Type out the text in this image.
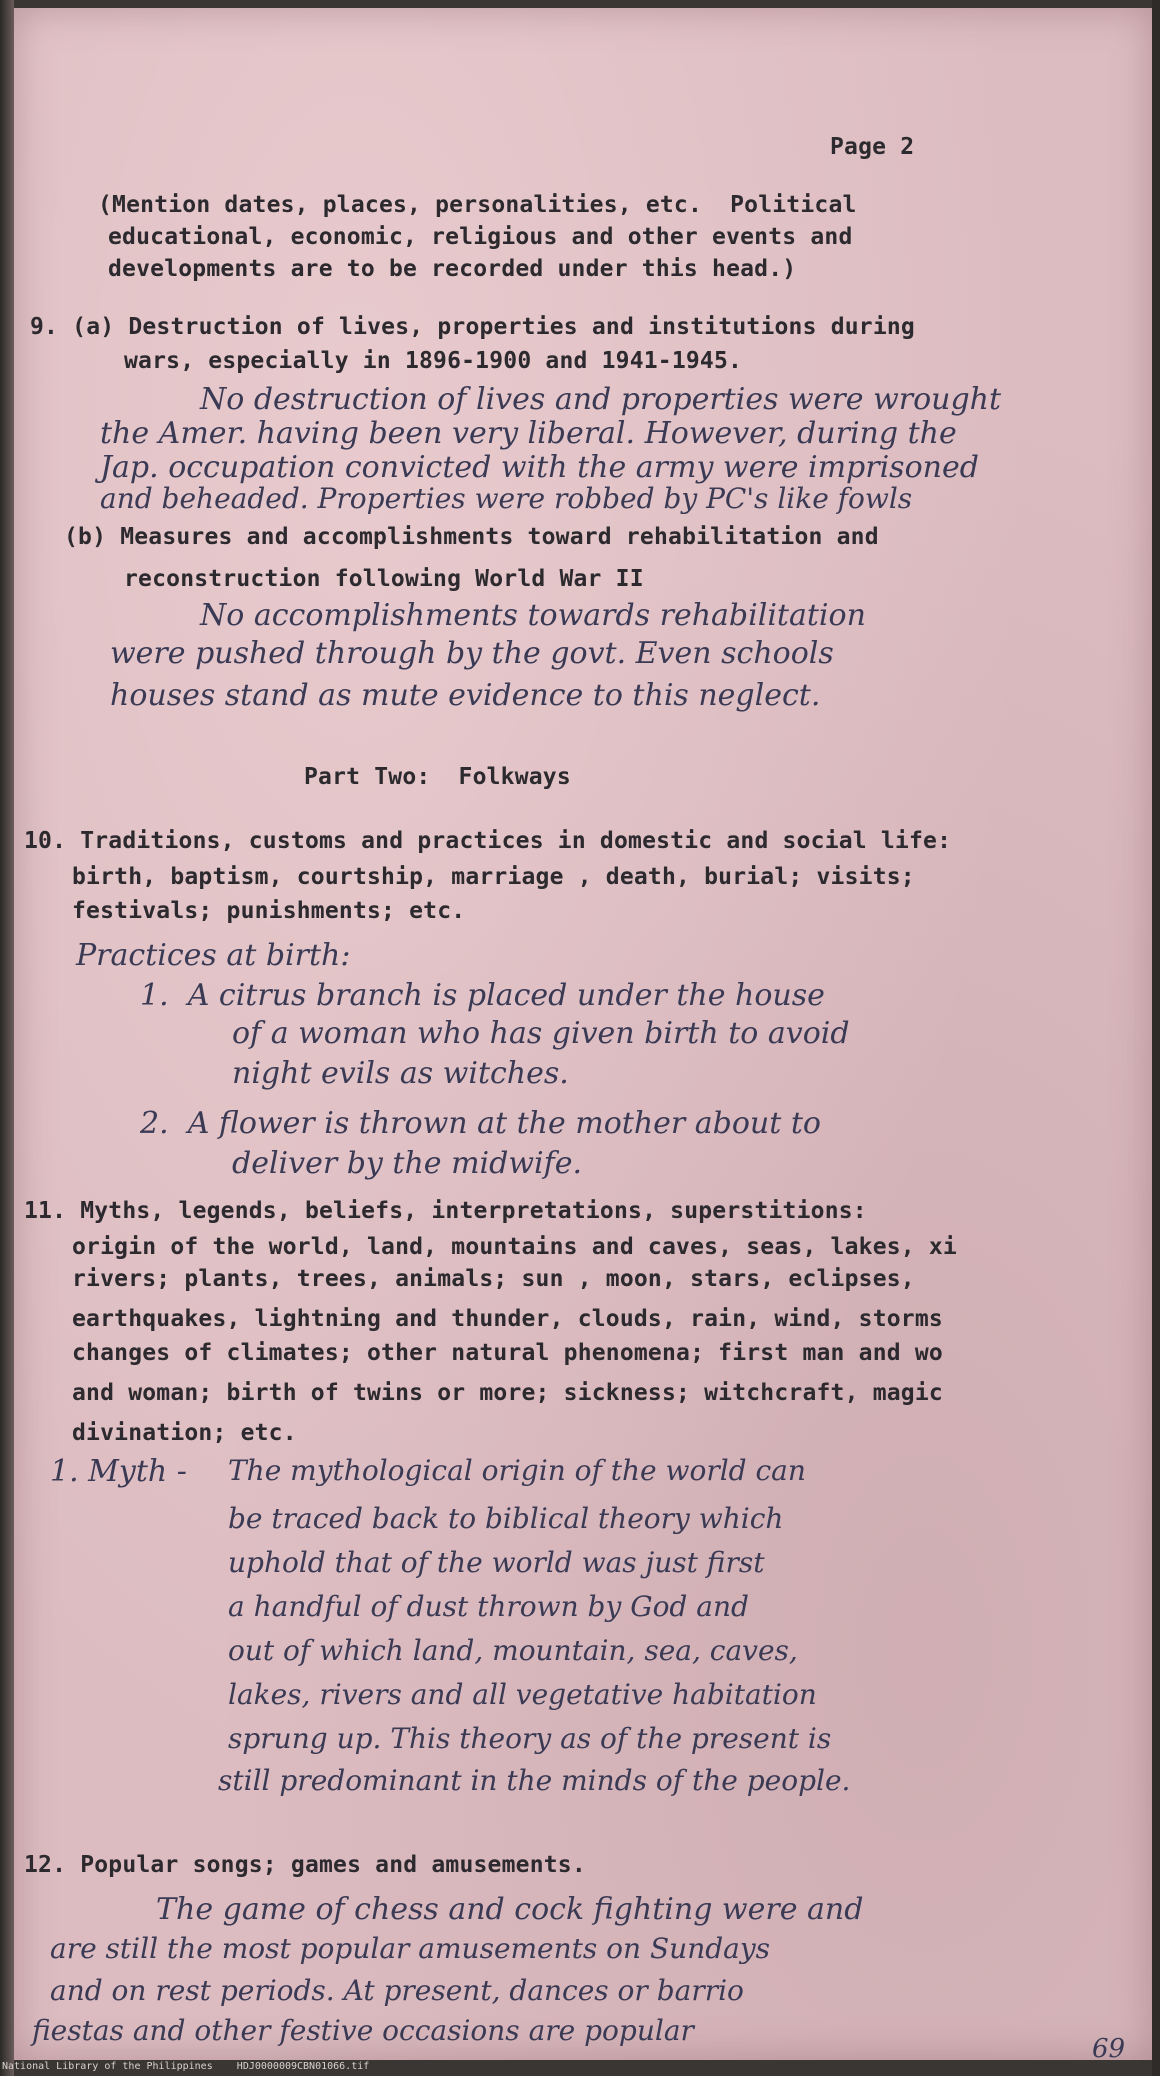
Page 2
(Mention dates, places, personalities, etc.  Political
educational, economic, religious and other events and
developments are to be recorded under this head.)
9. (a) Destruction of lives, properties and institutions during
wars, especially in 1896-1900 and 1941-1945.
No destruction of lives and properties were wrought
the Amer. having been very liberal. However, during the
Jap. occupation convicted with the army were imprisoned
and beheaded. Properties were robbed by PC's like fowls
(b) Measures and accomplishments toward rehabilitation and
reconstruction following World War II
No accomplishments towards rehabilitation
were pushed through by the govt. Even schools
houses stand as mute evidence to this neglect.
Part Two:  Folkways
10. Traditions, customs and practices in domestic and social life:
birth, baptism, courtship, marriage , death, burial; visits;
festivals; punishments; etc.
Practices at birth:
1.  A citrus branch is placed under the house
of a woman who has given birth to avoid
night evils as witches.
2.  A flower is thrown at the mother about to
deliver by the midwife.
11. Myths, legends, beliefs, interpretations, superstitions:
origin of the world, land, mountains and caves, seas, lakes, xi
rivers; plants, trees, animals; sun , moon, stars, eclipses,
earthquakes, lightning and thunder, clouds, rain, wind, storms
changes of climates; other natural phenomena; first man and wo
and woman; birth of twins or more; sickness; witchcraft, magic
divination; etc.
1. Myth - The mythological origin of the world can
be traced back to biblical theory which
uphold that of the world was just first
a handful of dust thrown by God and
out of which land, mountain, sea, caves,
lakes, rivers and all vegetative habitation
sprung up. This theory as of the present is
still predominant in the minds of the people.
12. Popular songs; games and amusements.
The game of chess and cock fighting were and
are still the most popular amusements on Sundays
and on rest periods. At present, dances or barrio
fiestas and other festive occasions are popular
69
National Library of the Philippines    HDJ0000009CBN01066.tif
